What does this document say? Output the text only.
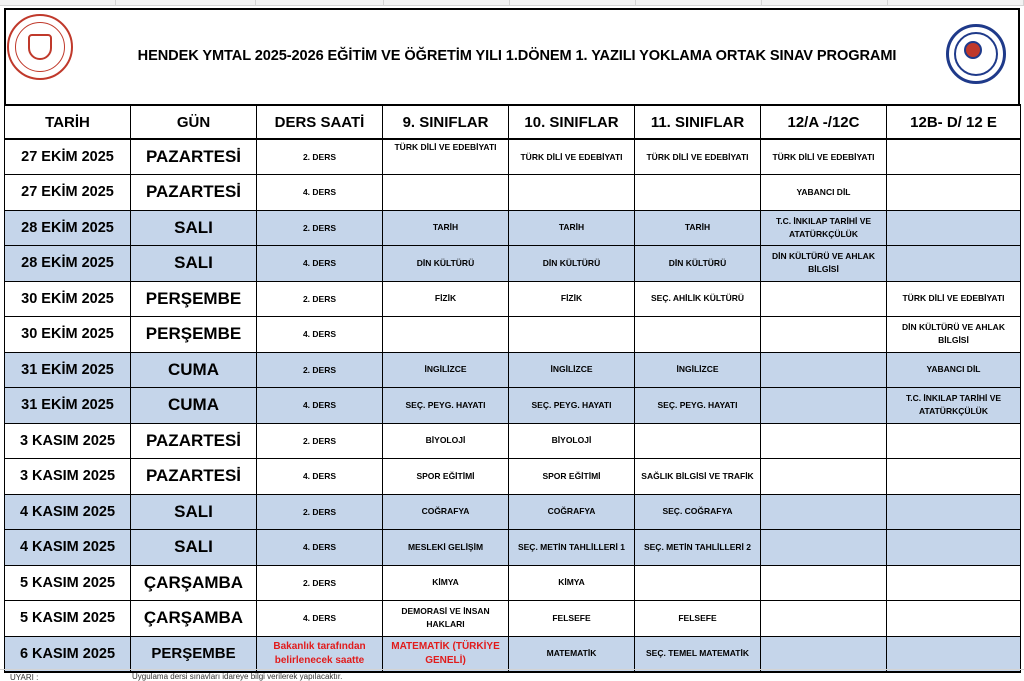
HENDEK YMTAL 2025-2026 EĞİTİM VE ÖĞRETİM YILI 1.DÖNEM 1. YAZILI YOKLAMA ORTAK SINAV PROGRAMI
TARİH	GÜN	DERS SAATİ	9. SINIFLAR	10. SINIFLAR	11. SINIFLAR	12/A -/12C	12B- D/ 12 E
27 EKİM 2025	PAZARTESİ	2. DERS	TÜRK DİLİ VE EDEBİYATI	TÜRK DİLİ VE EDEBİYATI	TÜRK DİLİ VE EDEBİYATI	TÜRK DİLİ VE EDEBİYATI	
27 EKİM 2025	PAZARTESİ	4. DERS				YABANCI DİL	
28 EKİM 2025	SALI	2. DERS	TARİH	TARİH	TARİH	T.C. İNKILAP TARİHİ VE ATATÜRKÇÜLÜK	
28 EKİM 2025	SALI	4. DERS	DİN KÜLTÜRÜ	DİN KÜLTÜRÜ	DİN KÜLTÜRÜ	DİN KÜLTÜRÜ VE AHLAK BİLGİSİ	
30 EKİM 2025	PERŞEMBE	2. DERS	FİZİK	FİZİK	SEÇ. AHİLİK KÜLTÜRÜ		TÜRK DİLİ VE EDEBİYATI
30 EKİM 2025	PERŞEMBE	4. DERS					DİN KÜLTÜRÜ VE AHLAK BİLGİSİ
31 EKİM 2025	CUMA	2. DERS	İNGİLİZCE	İNGİLİZCE	İNGİLİZCE		YABANCI DİL
31 EKİM 2025	CUMA	4. DERS	SEÇ. PEYG. HAYATI	SEÇ. PEYG. HAYATI	SEÇ. PEYG. HAYATI		T.C. İNKILAP TARİHİ VE ATATÜRKÇÜLÜK
3 KASIM 2025	PAZARTESİ	2. DERS	BİYOLOJİ	BİYOLOJİ			
3 KASIM 2025	PAZARTESİ	4. DERS	SPOR EĞİTİMİ	SPOR EĞİTİMİ	SAĞLIK BİLGİSİ VE TRAFİK		
4 KASIM 2025	SALI	2. DERS	COĞRAFYA	COĞRAFYA	SEÇ. COĞRAFYA		
4 KASIM 2025	SALI	4. DERS	MESLEKİ GELİŞİM	SEÇ. METİN TAHLİLLERİ 1	SEÇ. METİN TAHLİLLERİ 2		
5 KASIM 2025	ÇARŞAMBA	2. DERS	KİMYA	KİMYA			
5 KASIM 2025	ÇARŞAMBA	4. DERS	DEMORASİ VE İNSAN HAKLARI	FELSEFE	FELSEFE		
6 KASIM 2025	PERŞEMBE	Bakanlık tarafından belirlenecek saatte	MATEMATİK (TÜRKİYE GENELİ)	MATEMATİK	SEÇ. TEMEL MATEMATİK		
UYARI :	Uygulama dersi sınavları idareye bilgi verilerek yapılacaktır.
